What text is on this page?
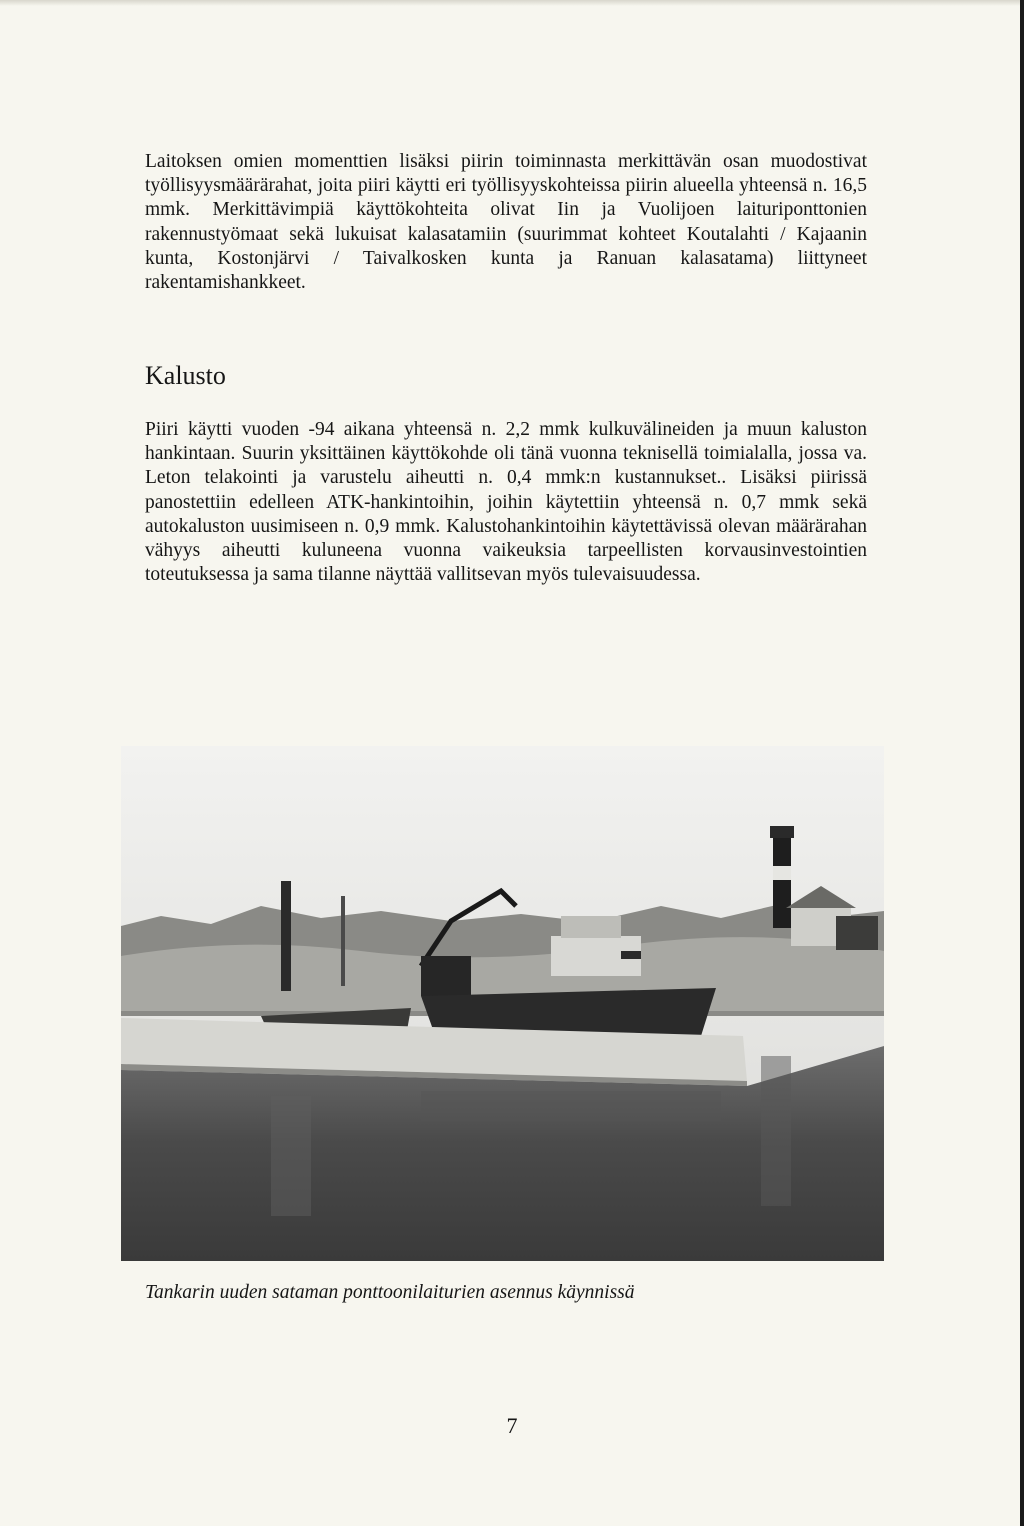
Laitoksen omien momenttien lisäksi piirin toiminnasta merkittävän osan muodostivat työllisyysmäärärahat, joita piiri käytti eri työllisyyskohteissa piirin alueella yhteensä n. 16,5 mmk. Merkittävimpiä käyttökohteita olivat Iin ja Vuolijoen laituriponttonien rakennustyömaat sekä lukuisat kalasatamiin (suurimmat kohteet Koutalahti / Kajaanin kunta, Kostonjärvi / Taivalkosken kunta ja Ranuan kalasatama) liittyneet rakentamishankkeet.

Kalusto

Piiri käytti vuoden -94 aikana yhteensä n. 2,2 mmk kulkuvälineiden ja muun kaluston hankintaan. Suurin yksittäinen käyttökohde oli tänä vuonna teknisellä toimialalla, jossa va. Leton telakointi ja varustelu aiheutti n. 0,4 mmk:n kustannukset.. Lisäksi piirissä panostettiin edelleen ATK-hankintoihin, joihin käytettiin yhteensä n. 0,7 mmk sekä autokaluston uusimiseen n. 0,9 mmk. Kalustohankintoihin käytettävissä olevan määrärahan vähyys aiheutti kuluneena vuonna vaikeuksia tarpeellisten korvausinvestointien toteutuksessa ja sama tilanne näyttää vallitsevan myös tulevaisuudessa.

Tankarin uuden sataman ponttoonilaiturien asennus käynnissä

7
